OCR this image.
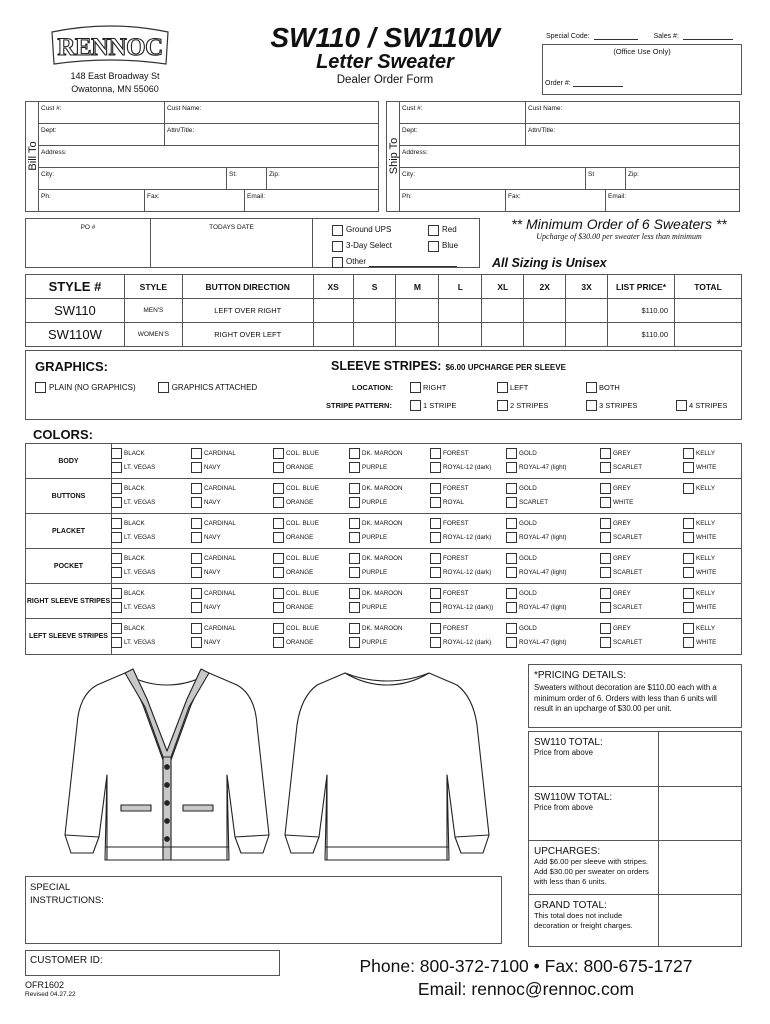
RENNOC
148 East Broadway St
Owatonna, MN 55060
SW110 / SW110W
Letter Sweater
Dealer Order Form
Special Code:	Sales #:
(Office Use Only)
Order #:
Bill To
Cust #:	Cust Name:
Dept:	Attn/Title:
Address:
City:	St:	Zip:
Ph:	Fax:	Email:
Ship To
Cust #:	Cust Name:
Dept:	Attn/Title:
Address:
City:	St	Zip:
Ph:	Fax:	Email:
PO #	TODAYS DATE	Ground UPS
3-Day Select
Other
Red
Blue
** Minimum Order of 6 Sweaters **
Upcharge of $30.00 per sweater less than minimum
All Sizing is Unisex
STYLE #	STYLE	BUTTON DIRECTION	XS	S	M	L	XL	2X	3X	LIST PRICE*	TOTAL
SW110	MEN'S	LEFT OVER RIGHT								$110.00	
SW110W	WOMEN'S	RIGHT OVER LEFT								$110.00	
GRAPHICS:
PLAIN (NO GRAPHICS)	GRAPHICS ATTACHED
SLEEVE STRIPES: $6.00 UPCHARGE PER SLEEVE
LOCATION:	RIGHT	LEFT	BOTH
STRIPE PATTERN:	1 STRIPE	2 STRIPES	3 STRIPES	4 STRIPES
COLORS:
BODY
BLACK	CARDINAL	COL. BLUE	DK. MAROON	FOREST	GOLD	GREY	KELLY
LT. VEGAS	NAVY	ORANGE	PURPLE	ROYAL-12 (dark)	ROYAL-47 (light)	SCARLET	WHITE
BUTTONS
BLACK	CARDINAL	COL. BLUE	DK. MAROON	FOREST	GOLD	GREY	KELLY
LT. VEGAS	NAVY	ORANGE	PURPLE	ROYAL	SCARLET	WHITE
PLACKET
BLACK	CARDINAL	COL. BLUE	DK. MAROON	FOREST	GOLD	GREY	KELLY
LT. VEGAS	NAVY	ORANGE	PURPLE	ROYAL-12 (dark)	ROYAL-47 (light)	SCARLET	WHITE
POCKET
BLACK	CARDINAL	COL. BLUE	DK. MAROON	FOREST	GOLD	GREY	KELLY
LT. VEGAS	NAVY	ORANGE	PURPLE	ROYAL-12 (dark)	ROYAL-47 (light)	SCARLET	WHITE
RIGHT SLEEVE STRIPES
BLACK	CARDINAL	COL. BLUE	DK. MAROON	FOREST	GOLD	GREY	KELLY
LT. VEGAS	NAVY	ORANGE	PURPLE	ROYAL-12 (dark))	ROYAL-47 (light)	SCARLET	WHITE
LEFT SLEEVE STRIPES
BLACK	CARDINAL	COL. BLUE	DK. MAROON	FOREST	GOLD	GREY	KELLY
LT. VEGAS	NAVY	ORANGE	PURPLE	ROYAL-12 (dark)	ROYAL-47 (light)	SCARLET	WHITE
*PRICING DETAILS:
Sweaters without decoration are $110.00 each with a minimum order of 6. Orders with less than 6 units will result in an upcharge of $30.00 per unit.
SW110 TOTAL:
Price from above
SW110W TOTAL:
Price from above
UPCHARGES:
Add $6.00 per sleeve with stripes. Add $30.00 per sweater on orders with less than 6 units.
GRAND TOTAL:
This total does not include decoration or freight charges.
SPECIAL INSTRUCTIONS:
CUSTOMER ID:	Phone: 800-372-7100 • Fax: 800-675-1727
Email: rennoc@rennoc.com
OFR1602
Revised 04.27.22
